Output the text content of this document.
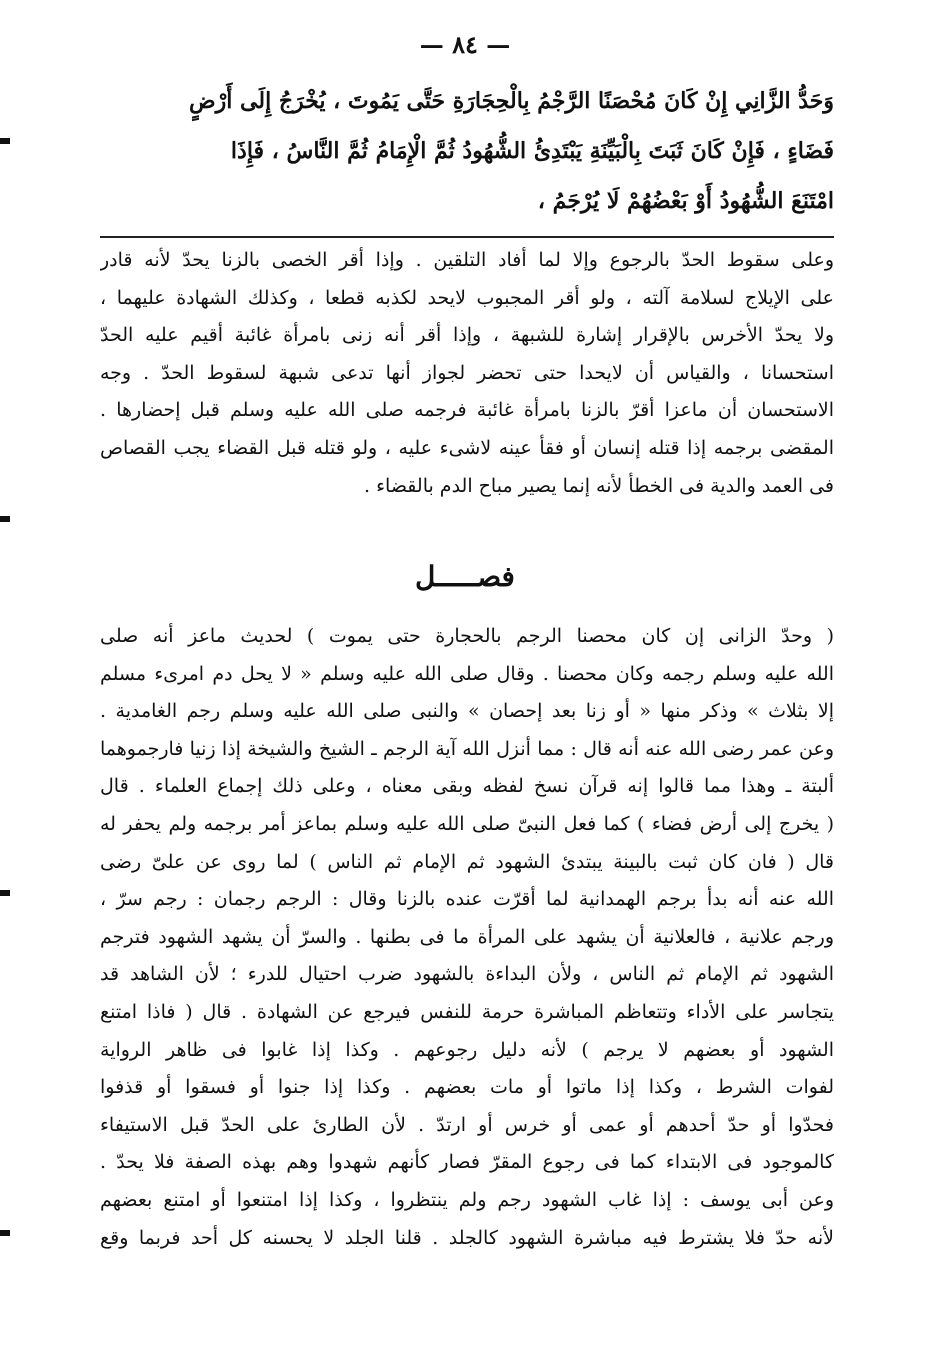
— ٨٤ —
وَحَدُّ الزَّانِي إِنْ كَانَ مُحْصَنًا الرَّجْمُ بِالْحِجَارَةِ حَتَّى يَمُوتَ ، يُخْرَجُ إِلَى أَرْضٍ
فَضَاءٍ ، فَإِنْ كَانَ ثَبَتَ بِالْبَيِّنَةِ يَبْتَدِئُ الشُّهُودُ ثُمَّ الْإِمَامُ ثُمَّ النَّاسُ ، فَإِذَا
امْتَنَعَ الشُّهُودُ أَوْ بَعْضُهُمْ لَا يُرْجَمُ ،
وعلى سقوط الحدّ بالرجوع وإلا لما أفاد التلقين . وإذا أقر الخصى بالزنا يحدّ لأنه قادر
على الإيلاج لسلامة آلته ، ولو أقر المجبوب لايحد لكذبه قطعا ، وكذلك الشهادة عليهما ،
ولا يحدّ الأخرس بالإقرار إشارة للشبهة ، وإذا أقر أنه زنى بامرأة غائبة أقيم عليه الحدّ
استحسانا ، والقياس أن لايحدا حتى تحضر لجواز أنها تدعى شبهة لسقوط الحدّ . وجه
الاستحسان أن ماعزا أقرّ بالزنا بامرأة غائبة فرجمه صلى الله عليه وسلم قبل إحضارها .
المقضى برجمه إذا قتله إنسان أو فقأ عينه لاشىء عليه ، ولو قتله قبل القضاء يجب القصاص
فى العمد والدية فى الخطأ لأنه إنما يصير مباح الدم بالقضاء .
فصـــــل
( وحدّ الزانى إن كان محصنا الرجم بالحجارة حتى يموت ) لحديث ماعز أنه صلى
الله عليه وسلم رجمه وكان محصنا . وقال صلى الله عليه وسلم « لا يحل دم امرىء مسلم
إلا بثلاث » وذكر منها « أو زنا بعد إحصان » والنبى صلى الله عليه وسلم رجم الغامدية .
وعن عمر رضى الله عنه أنه قال : مما أنزل الله آية الرجم ـ الشيخ والشيخة إذا زنيا فارجموهما
ألبتة ـ وهذا مما قالوا إنه قرآن نسخ لفظه وبقى معناه ، وعلى ذلك إجماع العلماء . قال
( يخرج إلى أرض فضاء ) كما فعل النبىّ صلى الله عليه وسلم بماعز أمر برجمه ولم يحفر له
قال ( فان كان ثبت بالبينة يبتدئ الشهود ثم الإمام ثم الناس ) لما روى عن علىّ رضى
الله عنه أنه بدأ برجم الهمدانية لما أقرّت عنده بالزنا وقال : الرجم رجمان : رجم سرّ ،
ورجم علانية ، فالعلانية أن يشهد على المرأة ما فى بطنها . والسرّ أن يشهد الشهود فترجم
الشهود ثم الإمام ثم الناس ، ولأن البداءة بالشهود ضرب احتيال للدرء ؛ لأن الشاهد قد
يتجاسر على الأداء وتتعاظم المباشرة حرمة للنفس فيرجع عن الشهادة . قال ( فاذا امتنع
الشهود أو بعضهم لا يرجم ) لأنه دليل رجوعهم . وكذا إذا غابوا فى ظاهر الرواية
لفوات الشرط ، وكذا إذا ماتوا أو مات بعضهم . وكذا إذا جنوا أو فسقوا أو قذفوا
فحدّوا أو حدّ أحدهم أو عمى أو خرس أو ارتدّ . لأن الطارئ على الحدّ قبل الاستيفاء
كالموجود فى الابتداء كما فى رجوع المقرّ فصار كأنهم شهدوا وهم بهذه الصفة فلا يحدّ .
وعن أبى يوسف : إذا غاب الشهود رجم ولم ينتظروا ، وكذا إذا امتنعوا أو امتنع بعضهم
لأنه حدّ فلا يشترط فيه مباشرة الشهود كالجلد . قلنا الجلد لا يحسنه كل أحد فربما وقع
